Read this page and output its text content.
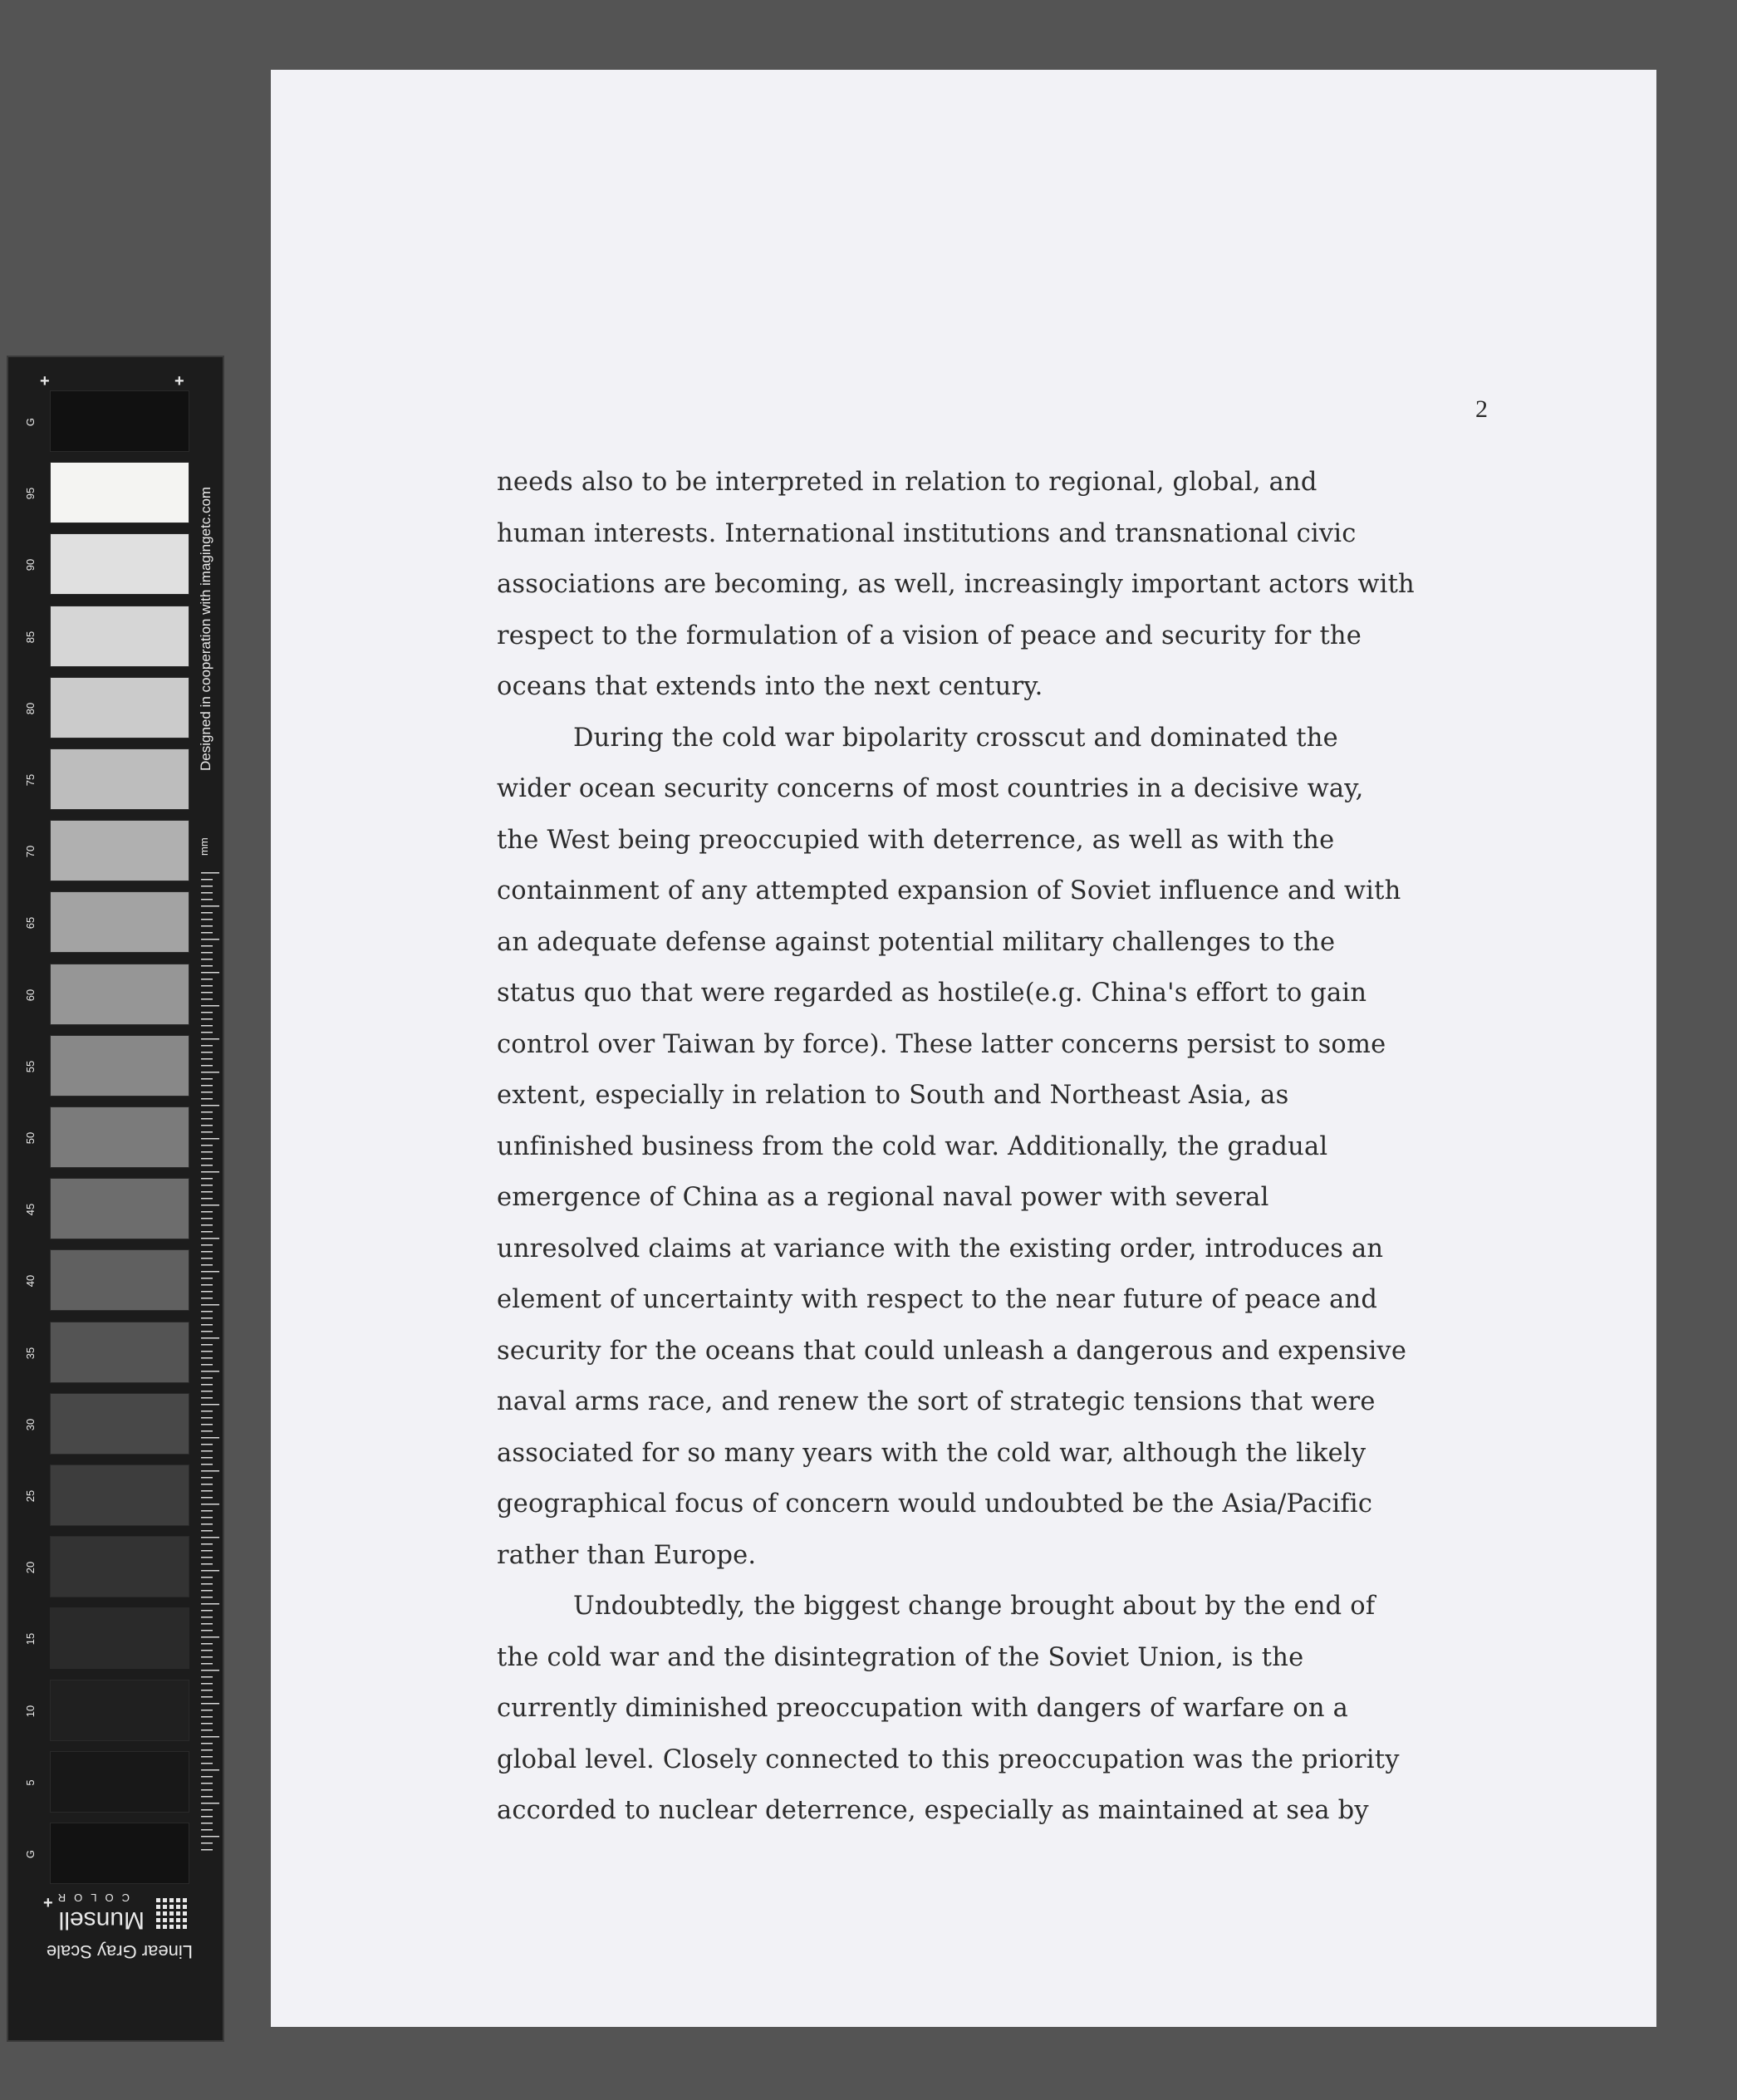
G
95
90
85
80
75
70
65
60
55
50
45
40
35
30
25
20
15
10
5
G
+	+
+
Designed in cooperation with imagingetc.com
mm
Linear Gray Scale
Munsell
COLOR
2
needs also to be interpreted in relation to regional, global, and
human interests. International institutions and transnational civic
associations are becoming, as well, increasingly important actors with
respect to the formulation of a vision of peace and security for the
oceans that extends into the next century.
During the cold war bipolarity crosscut and dominated the
wider ocean security concerns of most countries in a decisive way,
the West being preoccupied with deterrence, as well as with the
containment of any attempted expansion of Soviet influence and with
an adequate defense against potential military challenges to the
status quo that were regarded as hostile(e.g. China's effort to gain
control over Taiwan by force). These latter concerns persist to some
extent, especially in relation to South and Northeast Asia, as
unfinished business from the cold war. Additionally, the gradual
emergence of China as a regional naval power with several
unresolved claims at variance with the existing order, introduces an
element of uncertainty with respect to the near future of peace and
security for the oceans that could unleash a dangerous and expensive
naval arms race, and renew the sort of strategic tensions that were
associated for so many years with the cold war, although the likely
geographical focus of concern would undoubted be the Asia/Pacific
rather than Europe.
Undoubtedly, the biggest change brought about by the end of
the cold war and the disintegration of the Soviet Union, is the
currently diminished preoccupation with dangers of warfare on a
global level. Closely connected to this preoccupation was the priority
accorded to nuclear deterrence, especially as maintained at sea by
